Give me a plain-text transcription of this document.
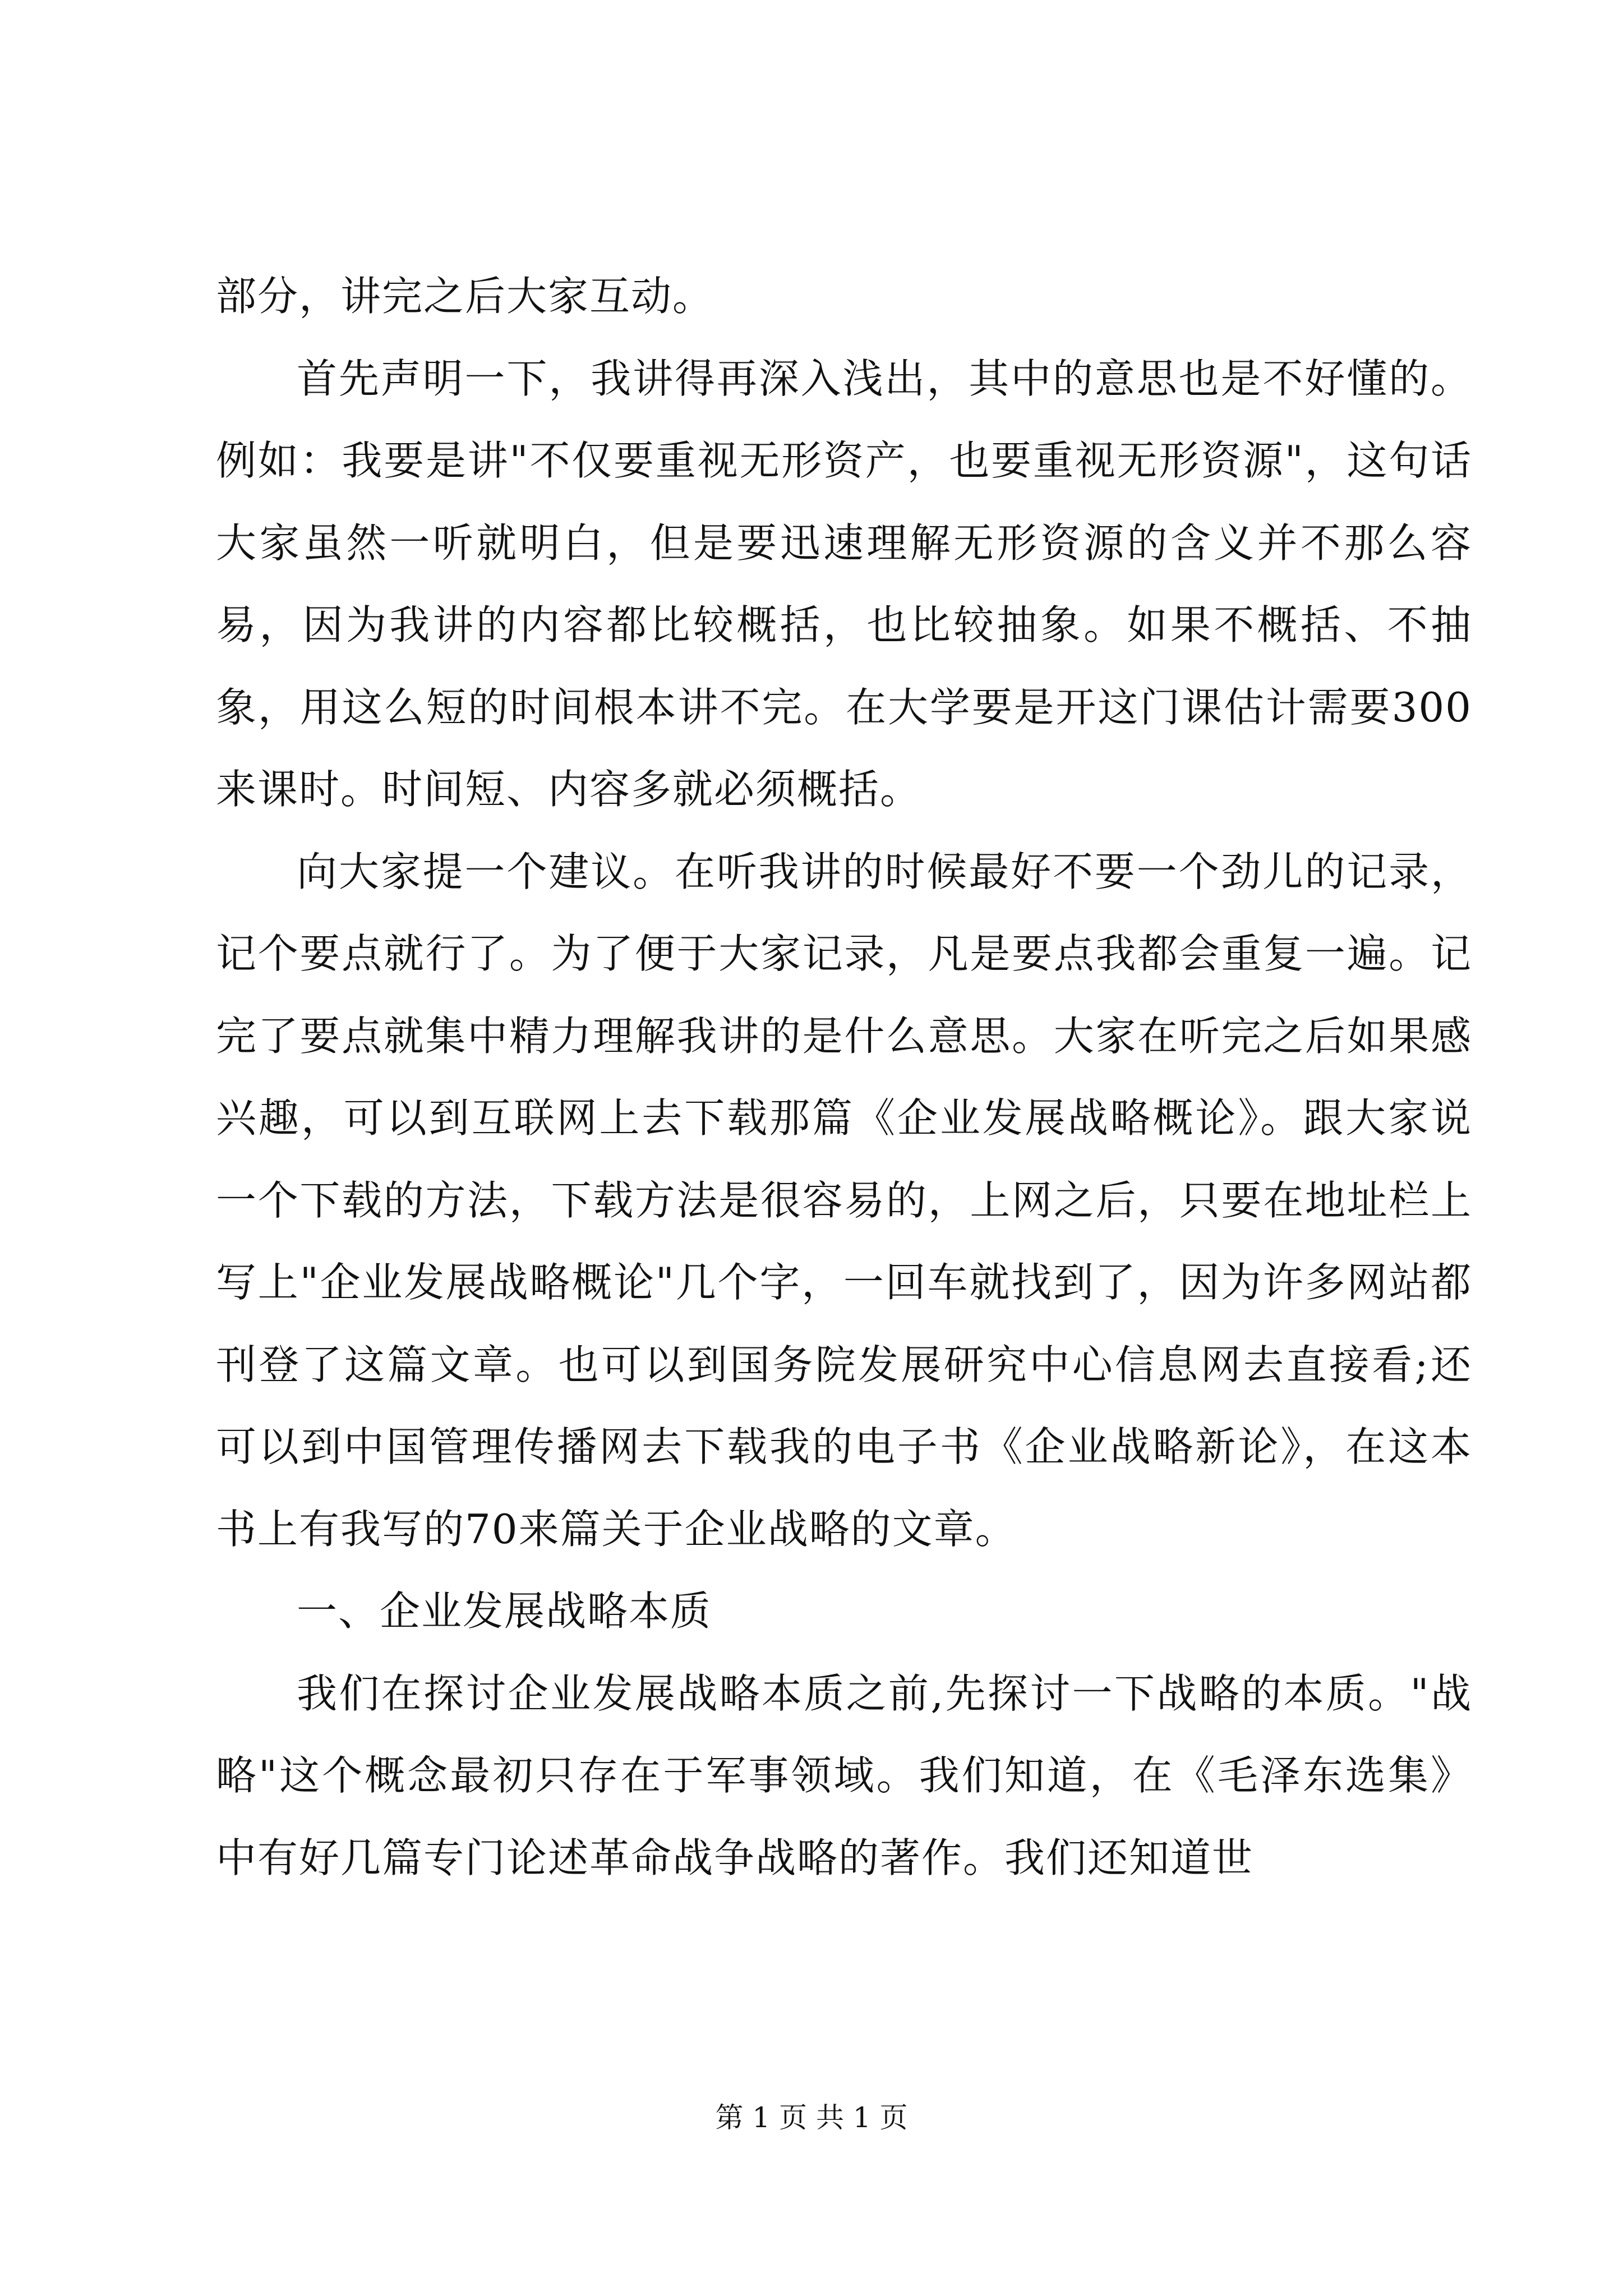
部分，讲完之后大家互动。

首先声明一下，我讲得再深入浅出，其中的意思也是不好懂的。例如：我要是讲"不仅要重视无形资产，也要重视无形资源"，这句话大家虽然一听就明白，但是要迅速理解无形资源的含义并不那么容易，因为我讲的内容都比较概括，也比较抽象。如果不概括、不抽象，用这么短的时间根本讲不完。在大学要是开这门课估计需要300来课时。时间短、内容多就必须概括。

向大家提一个建议。在听我讲的时候最好不要一个劲儿的记录，记个要点就行了。为了便于大家记录，凡是要点我都会重复一遍。记完了要点就集中精力理解我讲的是什么意思。大家在听完之后如果感兴趣，可以到互联网上去下载那篇《企业发展战略概论》。跟大家说一个下载的方法，下载方法是很容易的，上网之后，只要在地址栏上写上"企业发展战略概论"几个字，一回车就找到了，因为许多网站都刊登了这篇文章。也可以到国务院发展研究中心信息网去直接看;还可以到中国管理传播网去下载我的电子书《企业战略新论》，在这本书上有我写的70来篇关于企业战略的文章。

一、企业发展战略本质

我们在探讨企业发展战略本质之前,先探讨一下战略的本质。"战略"这个概念最初只存在于军事领域。我们知道，在《毛泽东选集》中有好几篇专门论述革命战争战略的著作。我们还知道世

第 1 页 共 1 页
